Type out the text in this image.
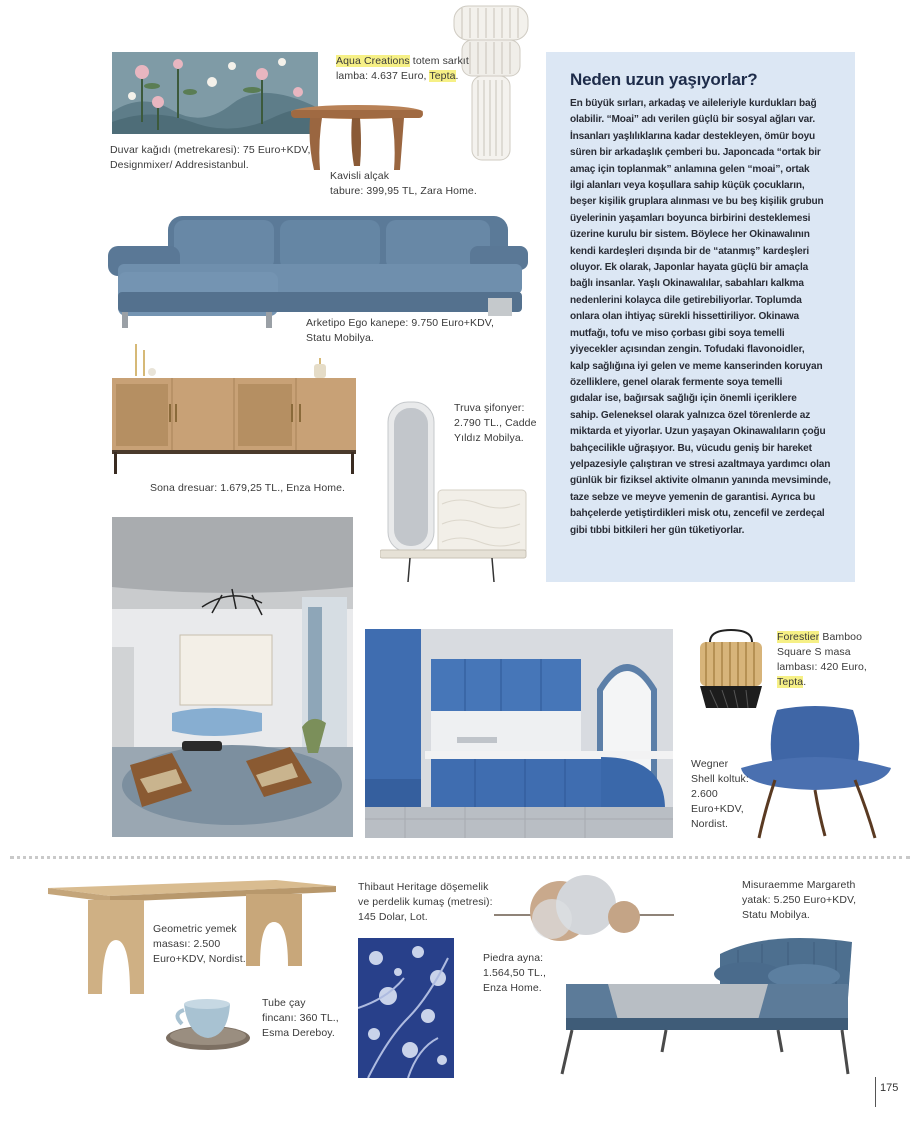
Duvar kağıdı (metrekaresi): 75 Euro+KDV,
Designmixer/ Addresistanbul.
Aqua Creations totem sarkıt
lamba: 4.637 Euro, Tepta.
Kavisli alçak
tabure: 399,95 TL, Zara Home.
Arketipo Ego kanepe: 9.750 Euro+KDV,
Statu Mobilya.
Sona dresuar: 1.679,25 TL., Enza Home.
Truva şifonyer:
2.790 TL., Cadde
Yıldız Mobilya.
Forestier Bamboo
Square S masa
lambası: 420 Euro,
Tepta.
Wegner
Shell koltuk:
2.600
Euro+KDV,
Nordist.
Geometric yemek
masası: 2.500
Euro+KDV, Nordist.
Thibaut Heritage döşemelik
ve perdelik kumaş (metresi):
145 Dolar, Lot.
Piedra ayna:
1.564,50 TL.,
Enza Home.
Misuraemme Margareth
yatak: 5.250 Euro+KDV,
Statu Mobilya.
Tube çay
fincanı: 360 TL.,
Esma Dereboy.
Neden uzun yaşıyorlar?
En büyük sırları, arkadaş ve aileleriyle kurdukları bağ
olabilir. “Moai” adı verilen güçlü bir sosyal ağları var.
İnsanları yaşlılıklarına kadar destekleyen, ömür boyu
süren bir arkadaşlık çemberi bu. Japoncada “ortak bir
amaç için toplanmak” anlamına gelen “moai”, ortak
ilgi alanları veya koşullara sahip küçük çocukların,
beşer kişilik gruplara alınması ve bu beş kişilik grubun
üyelerinin yaşamları boyunca birbirini desteklemesi
üzerine kurulu bir sistem. Böylece her Okinawalının
kendi kardeşleri dışında bir de “atanmış” kardeşleri
oluyor. Ek olarak, Japonlar hayata güçlü bir amaçla
bağlı insanlar. Yaşlı Okinawalılar, sabahları kalkma
nedenlerini kolayca dile getirebiliyorlar. Toplumda
onlara olan ihtiyaç sürekli hissettiriliyor. Okinawa
mutfağı, tofu ve miso çorbası gibi soya temelli
yiyecekler açısından zengin. Tofudaki flavonoidler,
kalp sağlığına iyi gelen ve meme kanserinden koruyan
özelliklere, genel olarak fermente soya temelli
gıdalar ise, bağırsak sağlığı için önemli içeriklere
sahip. Geleneksel olarak yalnızca özel törenlerde az
miktarda et yiyorlar. Uzun yaşayan Okinawalıların çoğu
bahçecilikle uğraşıyor. Bu, vücudu geniş bir hareket
yelpazesiyle çalıştıran ve stresi azaltmaya yardımcı olan
günlük bir fiziksel aktivite olmanın yanında mevsiminde,
taze sebze ve meyve yemenin de garantisi. Ayrıca bu
bahçelerde yetiştirdikleri misk otu, zencefil ve zerdeçal
gibi tıbbi bitkileri her gün tüketiyorlar.
175
